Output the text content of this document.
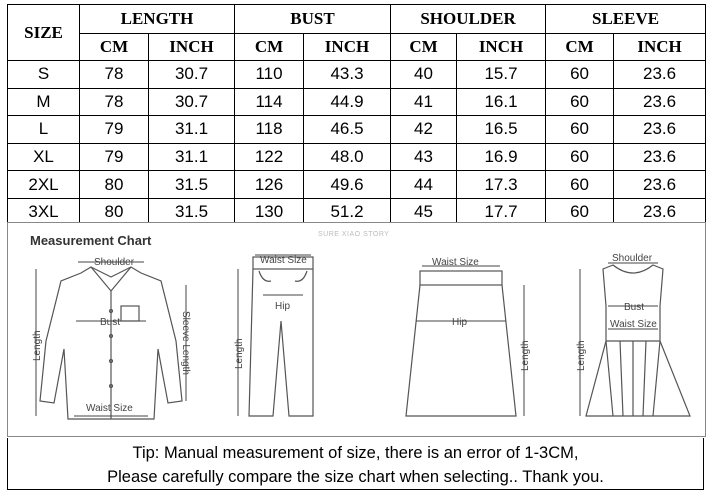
SIZE	LENGTH		BUST		SHOULDER		SLEEVE	
	CM	INCH	CM	INCH	CM	INCH	CM	INCH
S	78	30.7	110	43.3	40	15.7	60	23.6
M	78	30.7	114	44.9	41	16.1	60	23.6
L	79	31.1	118	46.5	42	16.5	60	23.6
XL	79	31.1	122	48.0	43	16.9	60	23.6
2XL	80	31.5	126	49.6	44	17.3	60	23.6
3XL	80	31.5	130	51.2	45	17.7	60	23.6
Measurement Chart	SURE XIAO STORY
Shoulder
Bust
Waist Size
Length	Sleeve Length
Waist Size
Hip
Length
Waist Size
Hip
Length
Shoulder
Bust
Waist Size
Length
Tip: Manual measurement of size, there is an error of 1-3CM,
Please carefully compare the size chart when selecting.. Thank you.
